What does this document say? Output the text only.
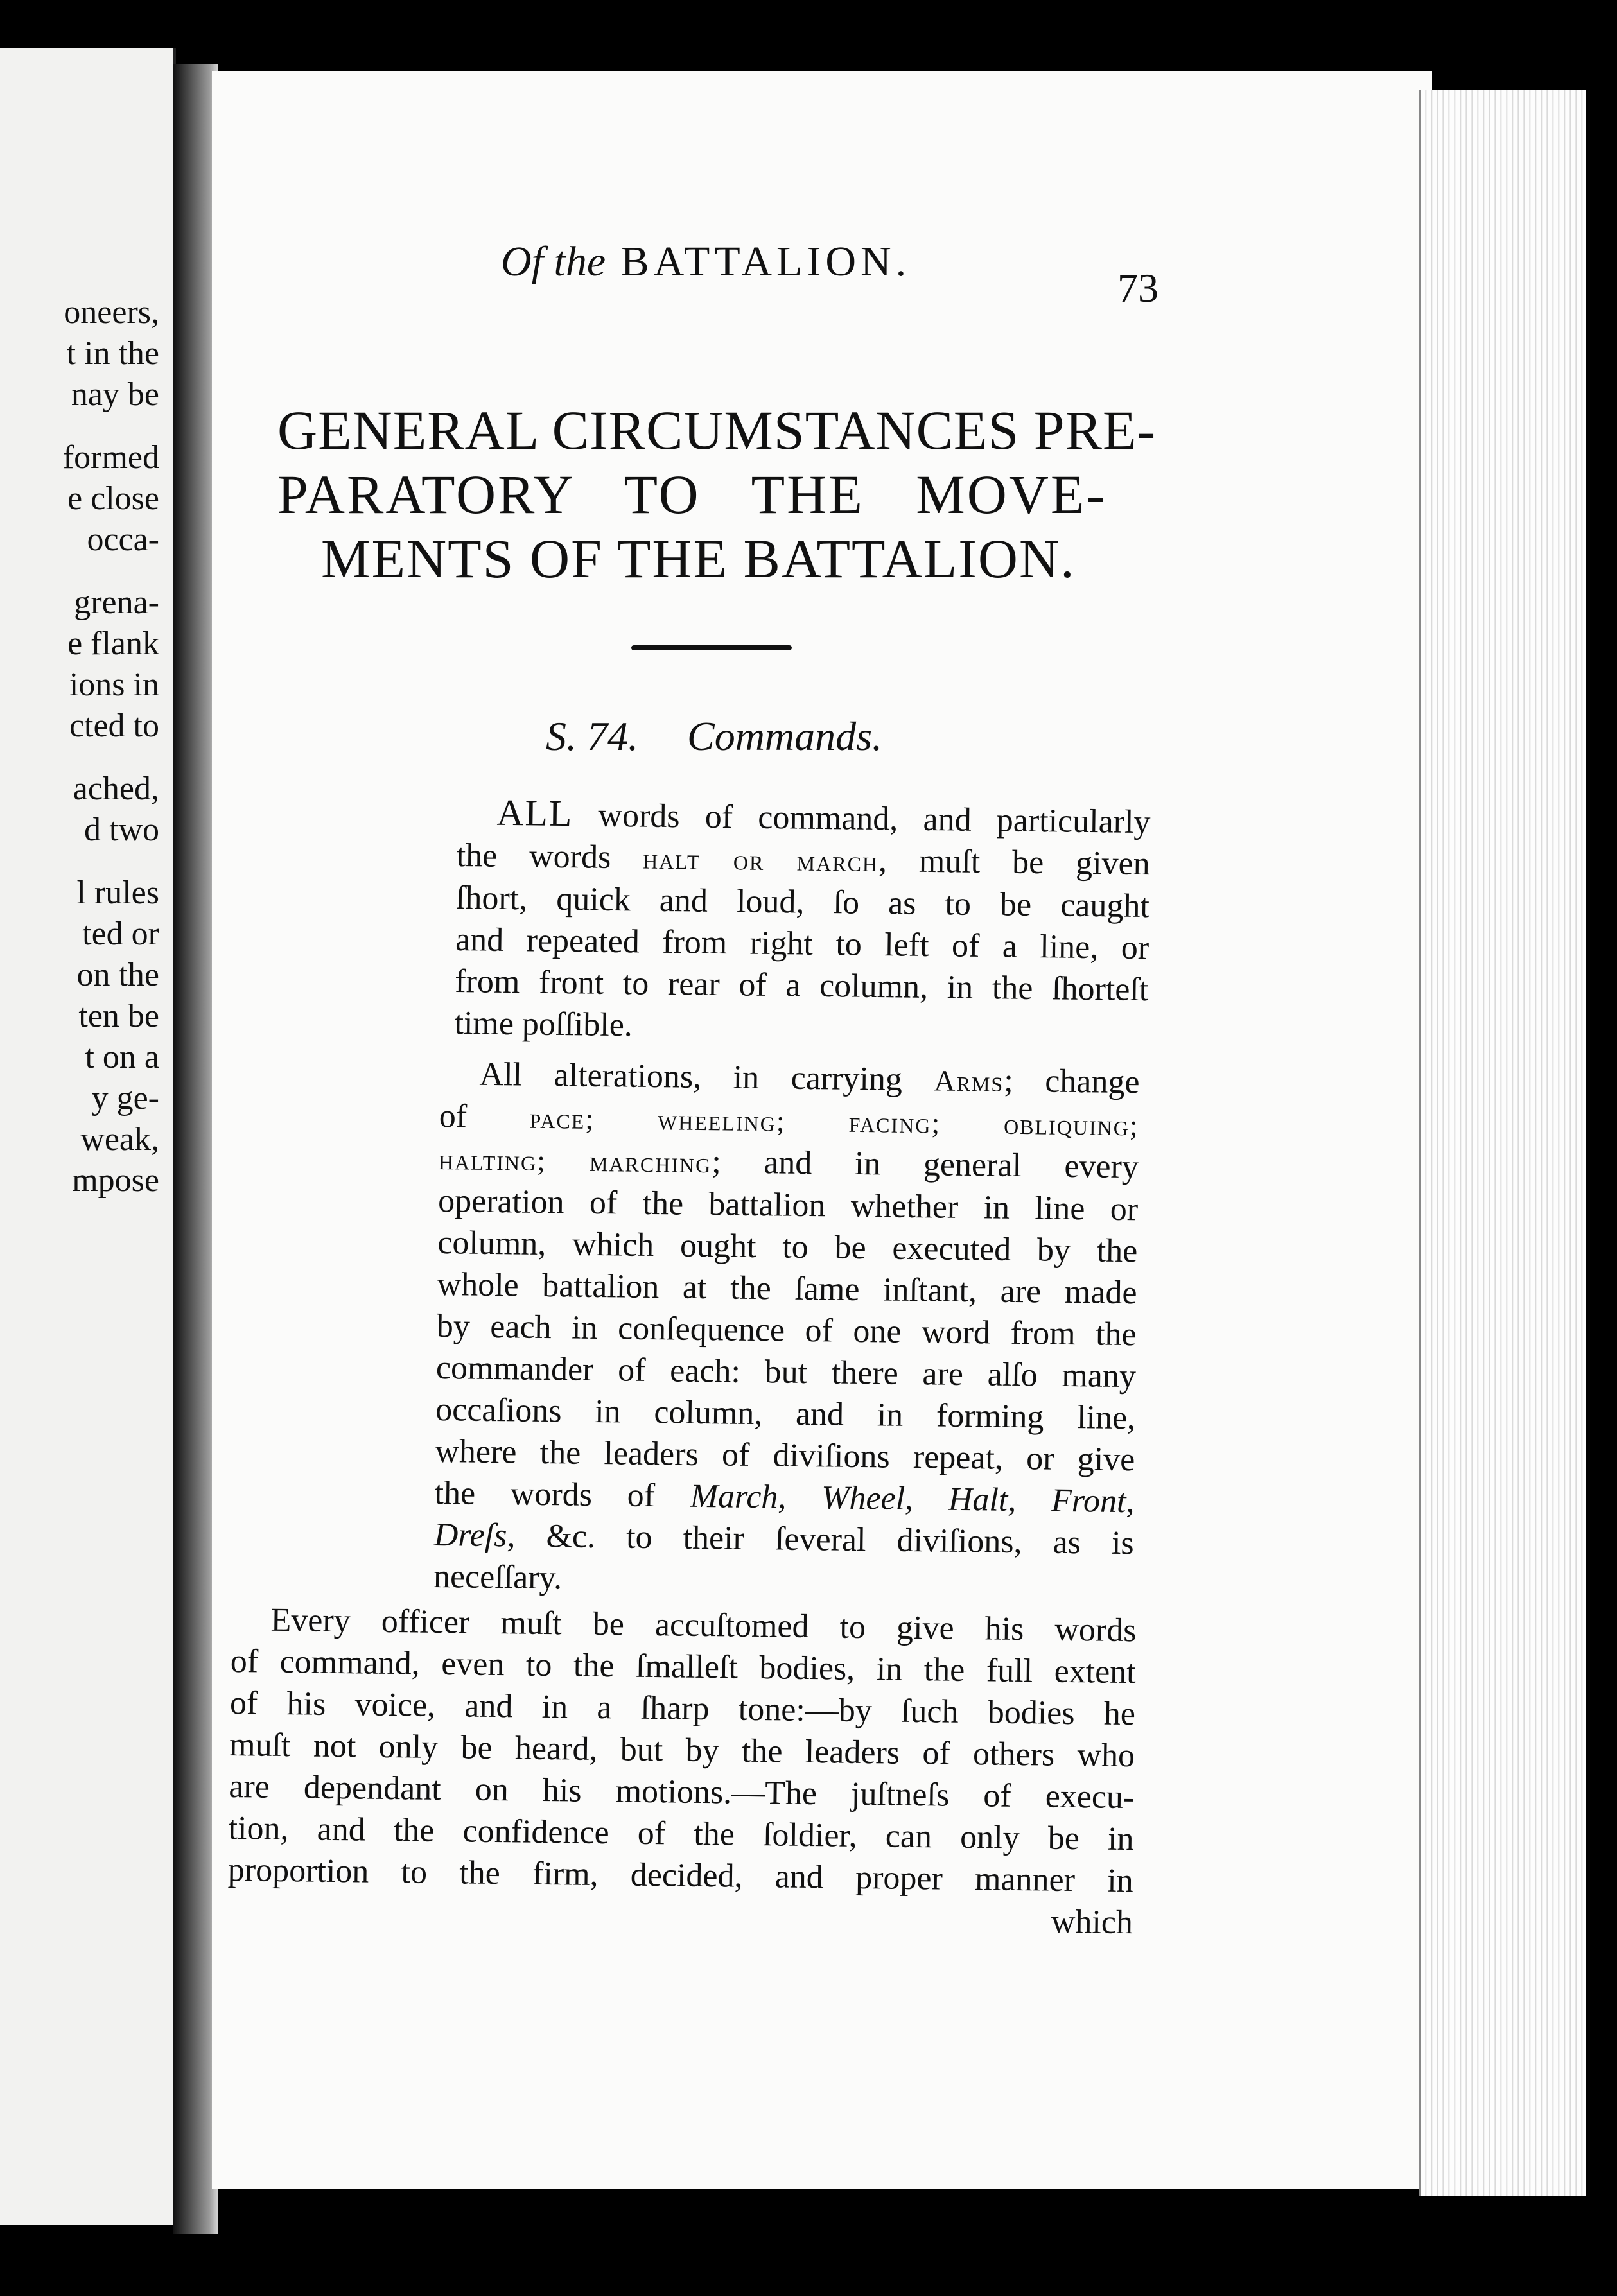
oneers,
t in the
nay be
formed
e close
occa-
grena-
e flank
ions in
cted to
ached,
d two
l rules
ted or
on the
ten be
t on a
y ge-
weak,
mpose
Of the BATTALION.
73
GENERAL CIRCUMSTANCES PRE-
PARATORY TO THE MOVE-
MENTS OF THE BATTALION.
S. 74. Commands.
ALL words of command, and particularly
the words halt or march, muſt be given
ſhort, quick and loud, ſo as to be caught
and repeated from right to left of a line, or
from front to rear of a column, in the ſhorteſt
time poſſible.
All alterations, in carrying Arms; change
of pace; wheeling; facing; obliquing;
halting; marching; and in general every
operation of the battalion whether in line or
column, which ought to be executed by the
whole battalion at the ſame inſtant, are made
by each in conſequence of one word from the
commander of each: but there are alſo many
occaſions in column, and in forming line,
where the leaders of diviſions repeat, or give
the words of March, Wheel, Halt, Front,
Dreſs, &c. to their ſeveral diviſions, as is
neceſſary.
Every officer muſt be accuſtomed to give his words
of command, even to the ſmalleſt bodies, in the full extent
of his voice, and in a ſharp tone:—by ſuch bodies he
muſt not only be heard, but by the leaders of others who
are dependant on his motions.—The juſtneſs of execu-
tion, and the confidence of the ſoldier, can only be in
proportion to the firm, decided, and proper manner in
which
